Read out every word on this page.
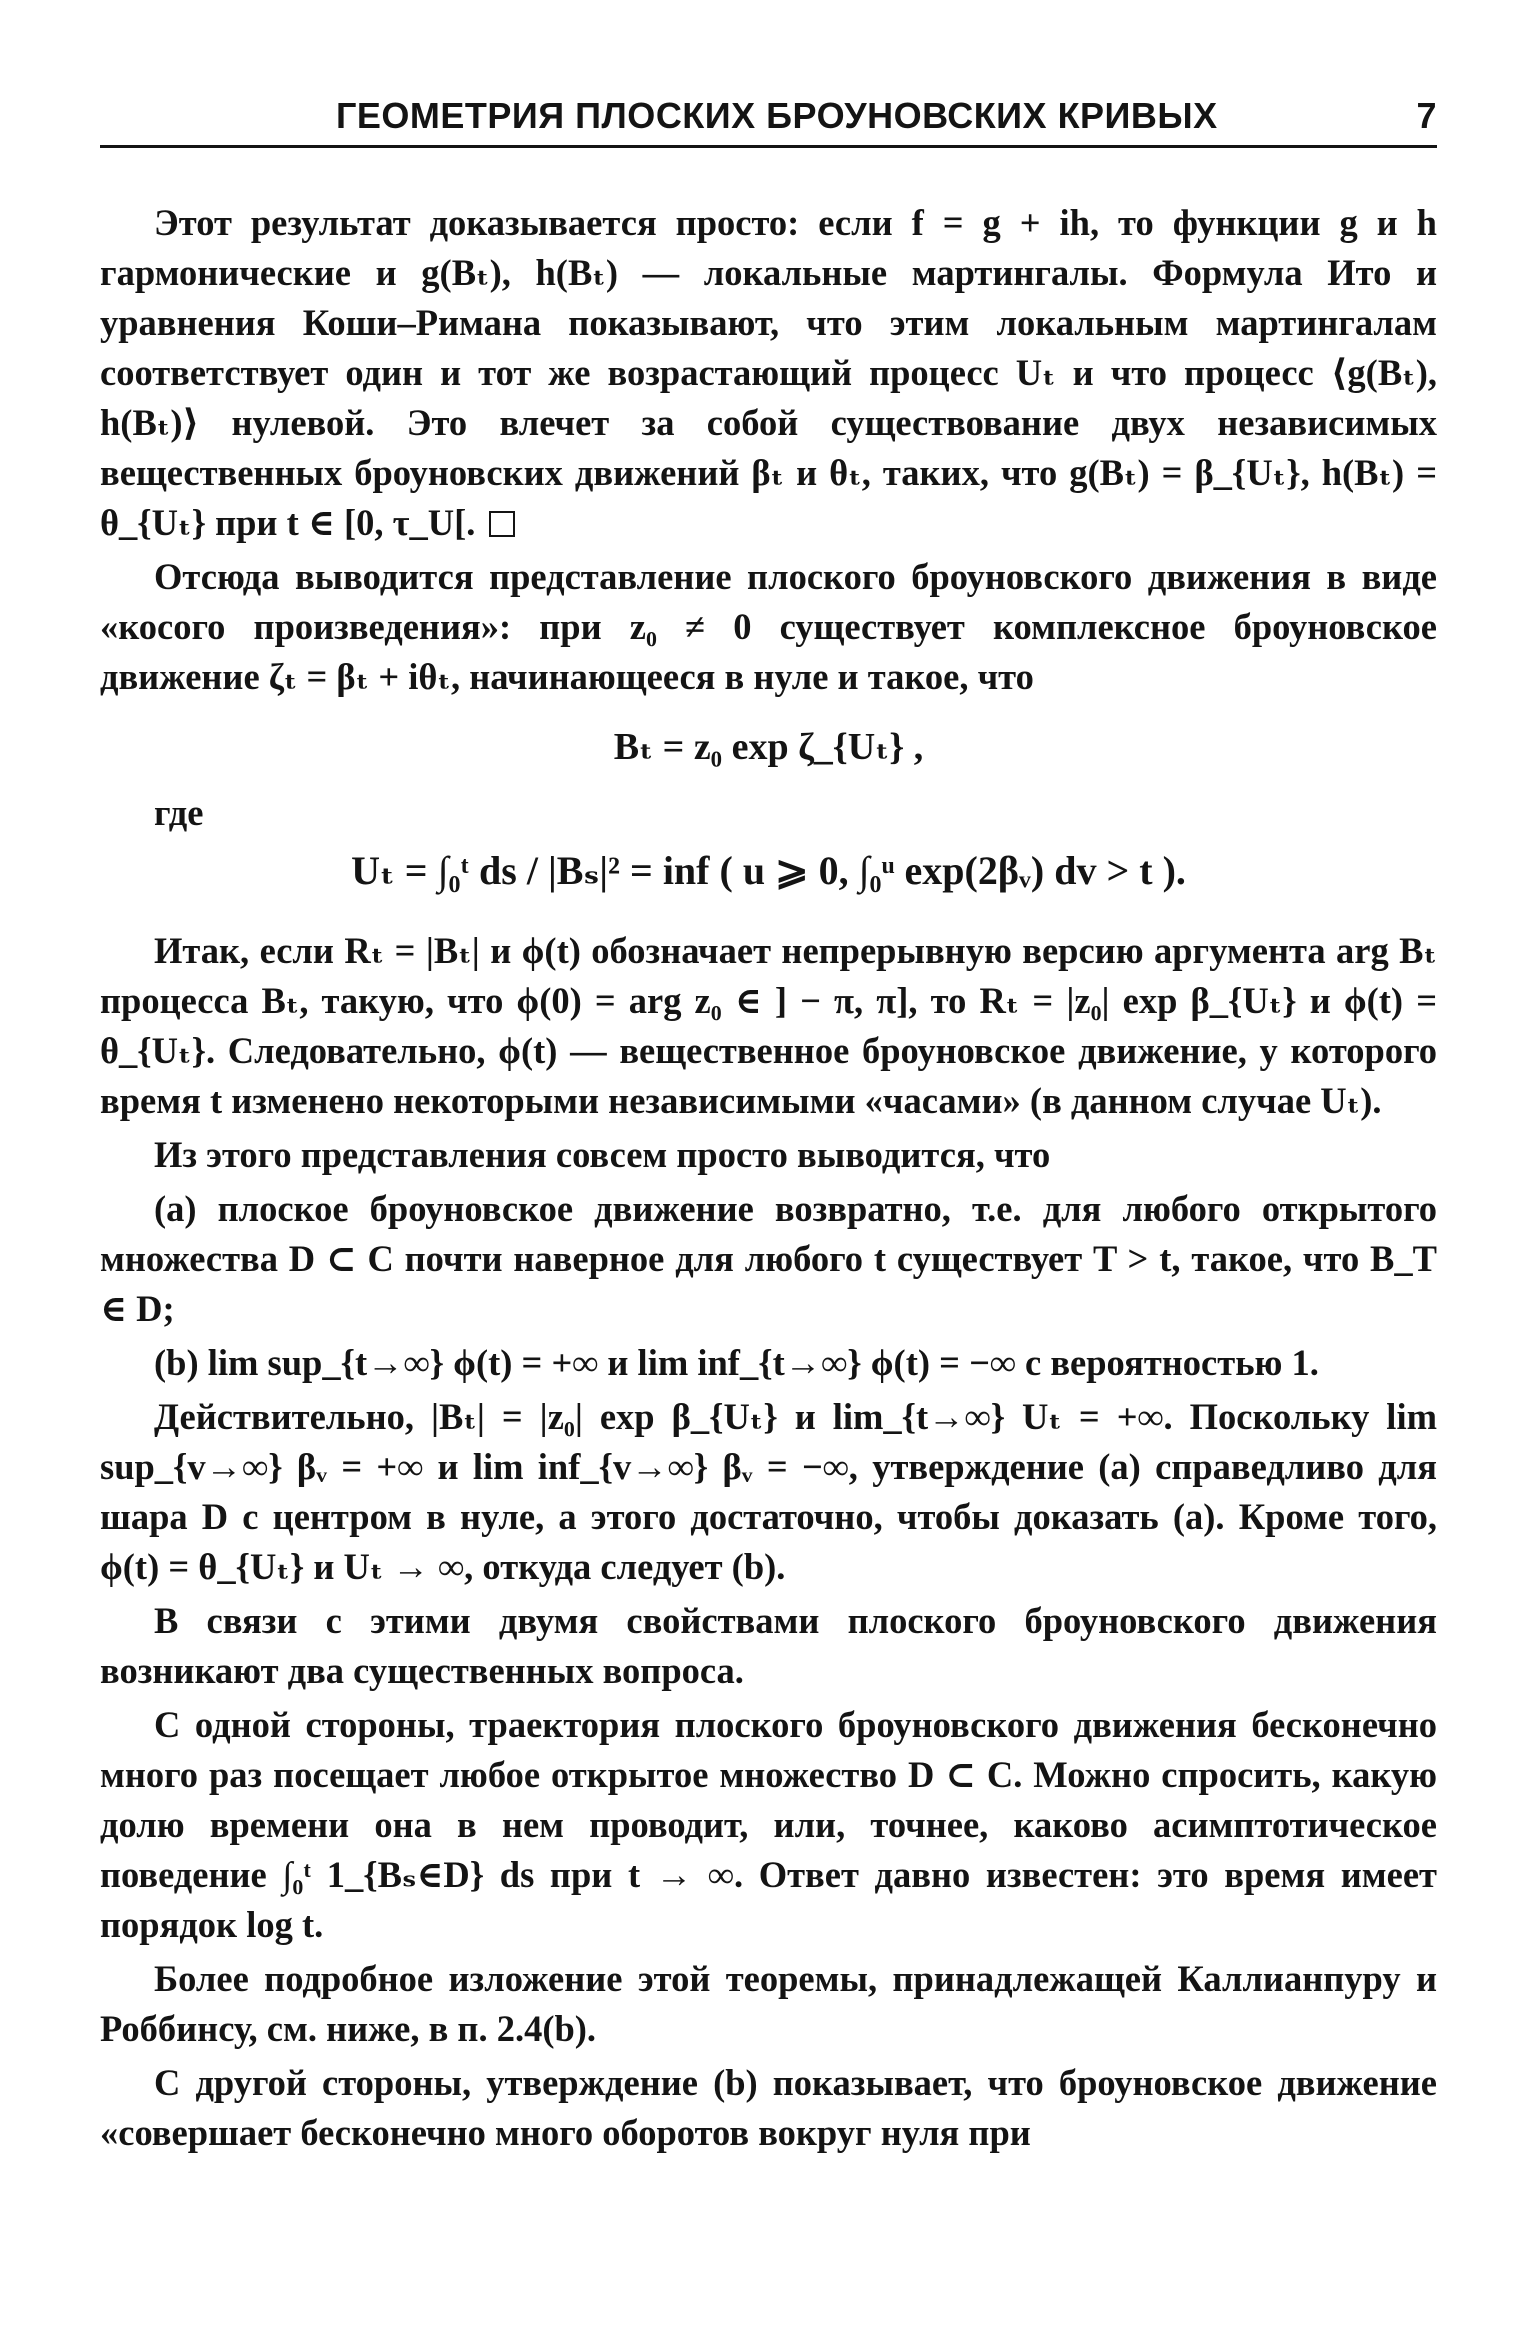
ГЕОМЕТРИЯ ПЛОСКИХ БРОУНОВСКИХ КРИВЫХ	7

Этот результат доказывается просто: если f = g + ih, то функции g и h гармонические и g(Bₜ), h(Bₜ) — локальные мартингалы. Формула Ито и уравнения Коши–Римана показывают, что этим локальным мартингалам соответствует один и тот же возрастающий процесс Uₜ и что процесс ⟨g(Bₜ), h(Bₜ)⟩ нулевой. Это влечет за собой существование двух независимых вещественных броуновских движений βₜ и θₜ, таких, что g(Bₜ) = β_{Uₜ}, h(Bₜ) = θ_{Uₜ} при t ∈ [0, τ_U[.

Отсюда выводится представление плоского броуновского движения в виде «косого произведения»: при z₀ ≠ 0 существует комплексное броуновское движение ζₜ = βₜ + iθₜ, начинающееся в нуле и такое, что

Bₜ = z₀ exp ζ_{Uₜ} ,

где

Uₜ = ∫₀ᵗ ds / |Bₛ|² = inf ( u ⩾ 0, ∫₀ᵘ exp(2βᵥ) dv > t ).

Итак, если Rₜ = |Bₜ| и ϕ(t) обозначает непрерывную версию аргумента arg Bₜ процесса Bₜ, такую, что ϕ(0) = arg z₀ ∈ ] − π, π], то Rₜ = |z₀| exp β_{Uₜ} и ϕ(t) = θ_{Uₜ}. Следовательно, ϕ(t) — вещественное броуновское движение, у которого время t изменено некоторыми независимыми «часами» (в данном случае Uₜ).

Из этого представления совсем просто выводится, что

(a) плоское броуновское движение возвратно, т.е. для любого открытого множества D ⊂ C почти наверное для любого t существует T > t, такое, что B_T ∈ D;

(b) lim sup_{t→∞} ϕ(t) = +∞ и lim inf_{t→∞} ϕ(t) = −∞ с вероятностью 1.

Действительно, |Bₜ| = |z₀| exp β_{Uₜ} и lim_{t→∞} Uₜ = +∞. Поскольку lim sup_{v→∞} βᵥ = +∞ и lim inf_{v→∞} βᵥ = −∞, утверждение (a) справедливо для шара D с центром в нуле, а этого достаточно, чтобы доказать (a). Кроме того, ϕ(t) = θ_{Uₜ} и Uₜ → ∞, откуда следует (b).

В связи с этими двумя свойствами плоского броуновского движения возникают два существенных вопроса.

С одной стороны, траектория плоского броуновского движения бесконечно много раз посещает любое открытое множество D ⊂ C. Можно спросить, какую долю времени она в нем проводит, или, точнее, каково асимптотическое поведение ∫₀ᵗ 1_{Bₛ∈D} ds при t → ∞. Ответ давно известен: это время имеет порядок log t.

Более подробное изложение этой теоремы, принадлежащей Каллианпуру и Роббинсу, см. ниже, в п. 2.4(b).

С другой стороны, утверждение (b) показывает, что броуновское движение «совершает бесконечно много оборотов вокруг нуля при
